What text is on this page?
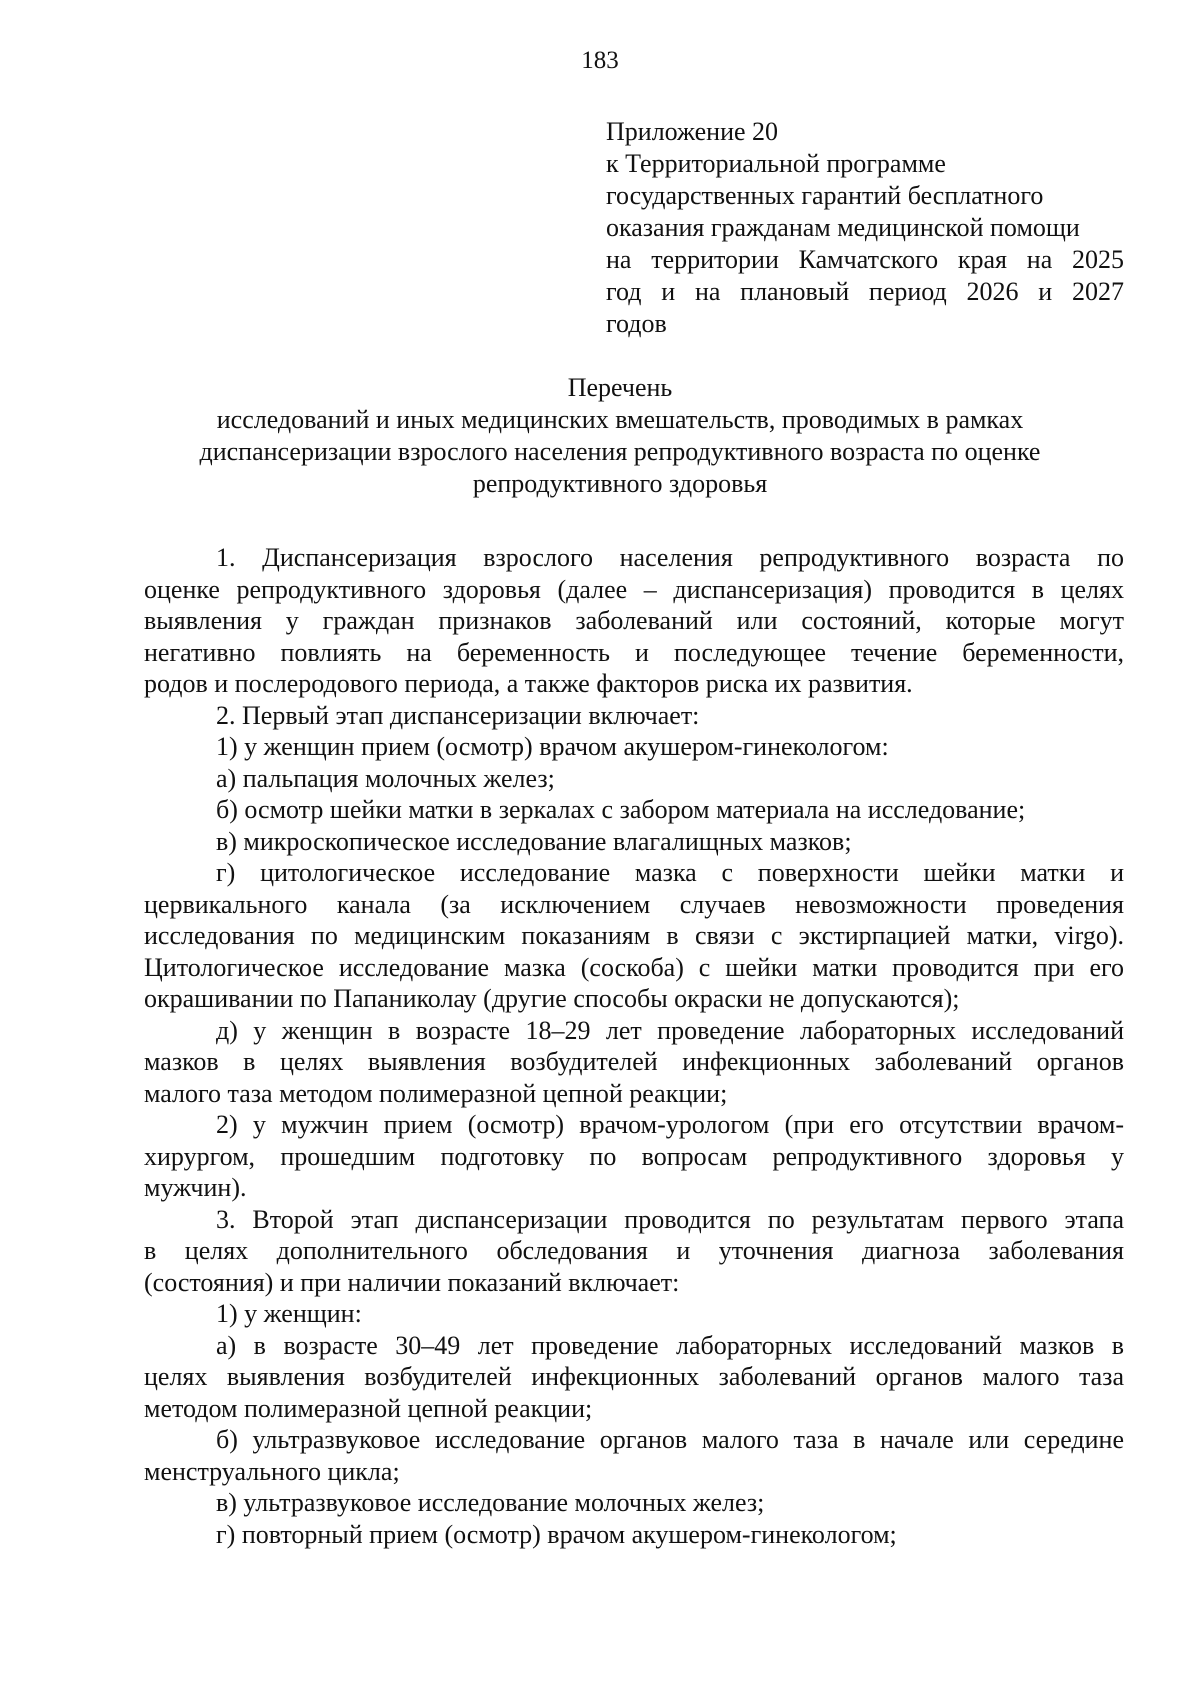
183
Приложение 20
к Территориальной программе
государственных гарантий бесплатного
оказания гражданам медицинской помощи
на территории Камчатского края на 2025
год и на плановый период 2026 и 2027
годов
Перечень
исследований и иных медицинских вмешательств, проводимых в рамках
диспансеризации взрослого населения репродуктивного возраста по оценке
репродуктивного здоровья

1. Диспансеризация взрослого населения репродуктивного возраста по
оценке репродуктивного здоровья (далее – диспансеризация) проводится в целях
выявления у граждан признаков заболеваний или состояний, которые могут
негативно повлиять на беременность и последующее течение беременности,
родов и послеродового периода, а также факторов риска их развития.

2. Первый этап диспансеризации включает:

1) у женщин прием (осмотр) врачом акушером-гинекологом:

а) пальпация молочных желез;

б) осмотр шейки матки в зеркалах с забором материала на исследование;

в) микроскопическое исследование влагалищных мазков;

г) цитологическое исследование мазка с поверхности шейки матки и
цервикального канала (за исключением случаев невозможности проведения
исследования по медицинским показаниям в связи с экстирпацией матки, virgo).
Цитологическое исследование мазка (соскоба) с шейки матки проводится при его
окрашивании по Папаниколау (другие способы окраски не допускаются);

д) у женщин в возрасте 18–29 лет проведение лабораторных исследований
мазков в целях выявления возбудителей инфекционных заболеваний органов
малого таза методом полимеразной цепной реакции;

2) у мужчин прием (осмотр) врачом-урологом (при его отсутствии врачом-
хирургом, прошедшим подготовку по вопросам репродуктивного здоровья у
мужчин).

3. Второй этап диспансеризации проводится по результатам первого этапа
в целях дополнительного обследования и уточнения диагноза заболевания
(состояния) и при наличии показаний включает:

1) у женщин:

а) в возрасте 30–49 лет проведение лабораторных исследований мазков в
целях выявления возбудителей инфекционных заболеваний органов малого таза
методом полимеразной цепной реакции;

б) ультразвуковое исследование органов малого таза в начале или середине
менструального цикла;

в) ультразвуковое исследование молочных желез;

г) повторный прием (осмотр) врачом акушером-гинекологом;
